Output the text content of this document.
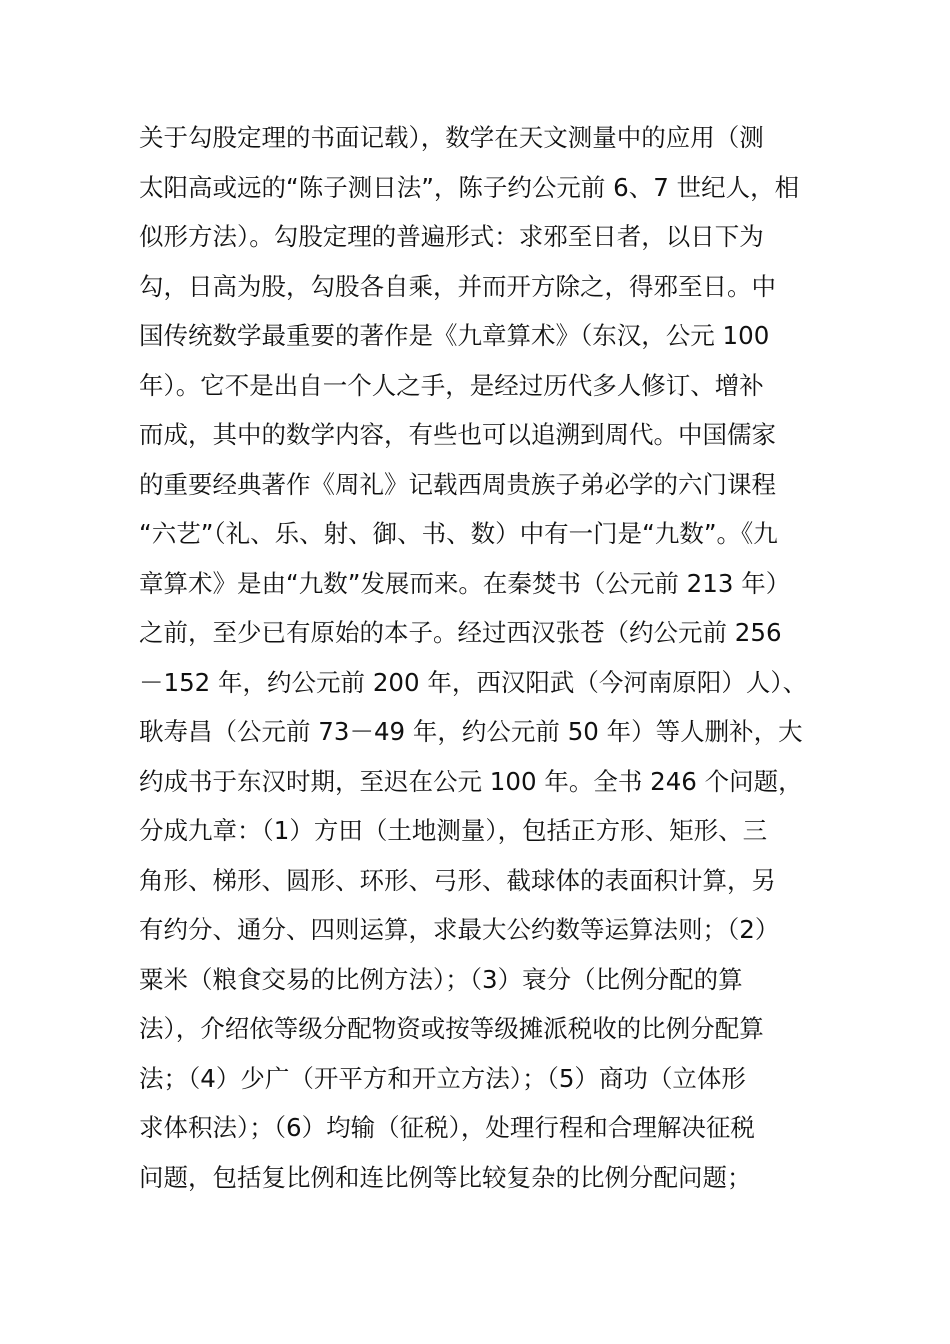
关于勾股定理的书面记载），数学在天文测量中的应用（测
太阳高或远的“陈子测日法”，陈子约公元前 6、7 世纪人，相
似形方法）。勾股定理的普遍形式：求邪至日者，以日下为
勾，日高为股，勾股各自乘，并而开方除之，得邪至日。中
国传统数学最重要的著作是《九章算术》（东汉，公元 100
年）。它不是出自一个人之手，是经过历代多人修订、增补
而成，其中的数学内容，有些也可以追溯到周代。中国儒家
的重要经典著作《周礼》记载西周贵族子弟必学的六门课程
“六艺”（礼、乐、射、御、书、数）中有一门是“九数”。《九
章算术》是由“九数”发展而来。在秦焚书（公元前 213 年）
之前，至少已有原始的本子。经过西汉张苍（约公元前 256
－152 年，约公元前 200 年，西汉阳武（今河南原阳）人）、
耿寿昌（公元前 73－49 年，约公元前 50 年）等人删补，大
约成书于东汉时期，至迟在公元 100 年。全书 246 个问题，
分成九章：（1）方田（土地测量），包括正方形、矩形、三
角形、梯形、圆形、环形、弓形、截球体的表面积计算，另
有约分、通分、四则运算，求最大公约数等运算法则；（2）
粟米（粮食交易的比例方法）；（3）衰分（比例分配的算
法），介绍依等级分配物资或按等级摊派税收的比例分配算
法；（4）少广（开平方和开立方法）；（5）商功（立体形
求体积法）；（6）均输（征税），处理行程和合理解决征税
问题，包括复比例和连比例等比较复杂的比例分配问题；
